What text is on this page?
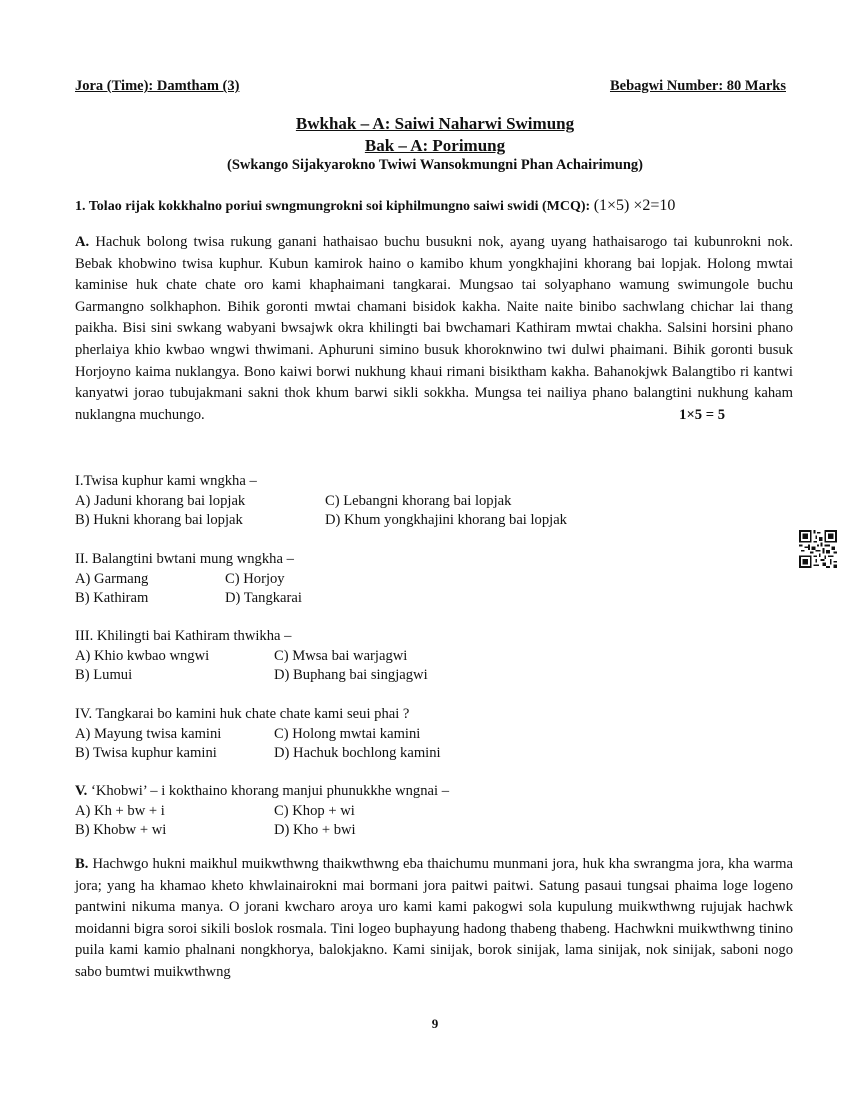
Jora (Time): Damtham (3)	Bebagwi Number: 80 Marks
Bwkhak – A: Saiwi Naharwi Swimung
Bak – A: Porimung
(Swkango Sijakyarokno Twiwi Wansokmungni Phan Achairimung)
1. Tolao rijak kokkhalno poriui swngmungrokni soi kiphilmungno saiwi swidi (MCQ): (1×5) ×2=10
A. Hachuk bolong twisa rukung ganani hathaisao buchu busukni nok, ayang uyang hathaisarogo tai kubunrokni nok. Bebak khobwino twisa kuphur. Kubun kamirok haino o kamibo khum yongkhajini khorang bai lopjak. Holong mwtai kaminise huk chate chate oro kami khaphaimani tangkarai. Mungsao tai solyaphano wamung swimungole buchu Garmangno solkhaphon. Bihik goronti mwtai chamani bisidok kakha. Naite naite binibo sachwlang chichar lai thang paikha. Bisi sini swkang wabyani bwsajwk okra khilingti bai bwchamari Kathiram mwtai chakha. Salsini horsini phano pherlaiya khio kwbao wngwi thwimani. Aphuruni simino busuk khoroknwino twi dulwi phaimani. Bihik goronti busuk Horjoyno kaima nuklangya. Bono kaiwi borwi nukhung khaui rimani bisiktham kakha. Bahanokjwk Balangtibo ri kantwi kanyatwi jorao tubujakmani sakni thok khum barwi sikli sokkha. Mungsa tei nailiya phano balangtini nukhung kaham nuklangna muchungo.	1×5 = 5
I.Twisa kuphur kami wngkha –
A) Jaduni khorang bai lopjak	C) Lebangni khorang bai lopjak
B) Hukni khorang bai lopjak	D) Khum yongkhajini khorang bai lopjak
II. Balangtini bwtani mung wngkha –
A) Garmang	C) Horjoy
B) Kathiram	D) Tangkarai
III. Khilingti bai Kathiram thwikha –
A) Khio kwbao wngwi	C) Mwsa bai warjagwi
B) Lumui	D) Buphang bai singjagwi
IV. Tangkarai bo kamini huk chate chate kami seui phai ?
A) Mayung twisa kamini	C) Holong mwtai kamini
B) Twisa kuphur kamini	D) Hachuk bochlong kamini
V. ‘Khobwi’ – i kokthaino khorang manjui phunukkhe wngnai –
A) Kh + bw + i	C) Khop + wi
B) Khobw + wi	D) Kho + bwi
B. Hachwgo hukni maikhul muikwthwng thaikwthwng eba thaichumu munmani jora, huk kha swrangma jora, kha warma jora; yang ha khamao kheto khwlainairokni mai bormani jora paitwi paitwi. Satung pasaui tungsai phaima loge logeno pantwini nikuma manya. O jorani kwcharo aroya uro kami kami pakogwi sola kupulung muikwthwng rujujak hachwk moidanni bigra soroi sikili boslok rosmala. Tini logeo buphayung hadong thabeng thabeng. Hachwkni muikwthwng tinino puila kami kamio phalnani nongkhorya, balokjakno. Kami sinijak, borok sinijak, lama sinijak, nok sinijak, saboni nogo sabo bumtwi muikwthwng
9
